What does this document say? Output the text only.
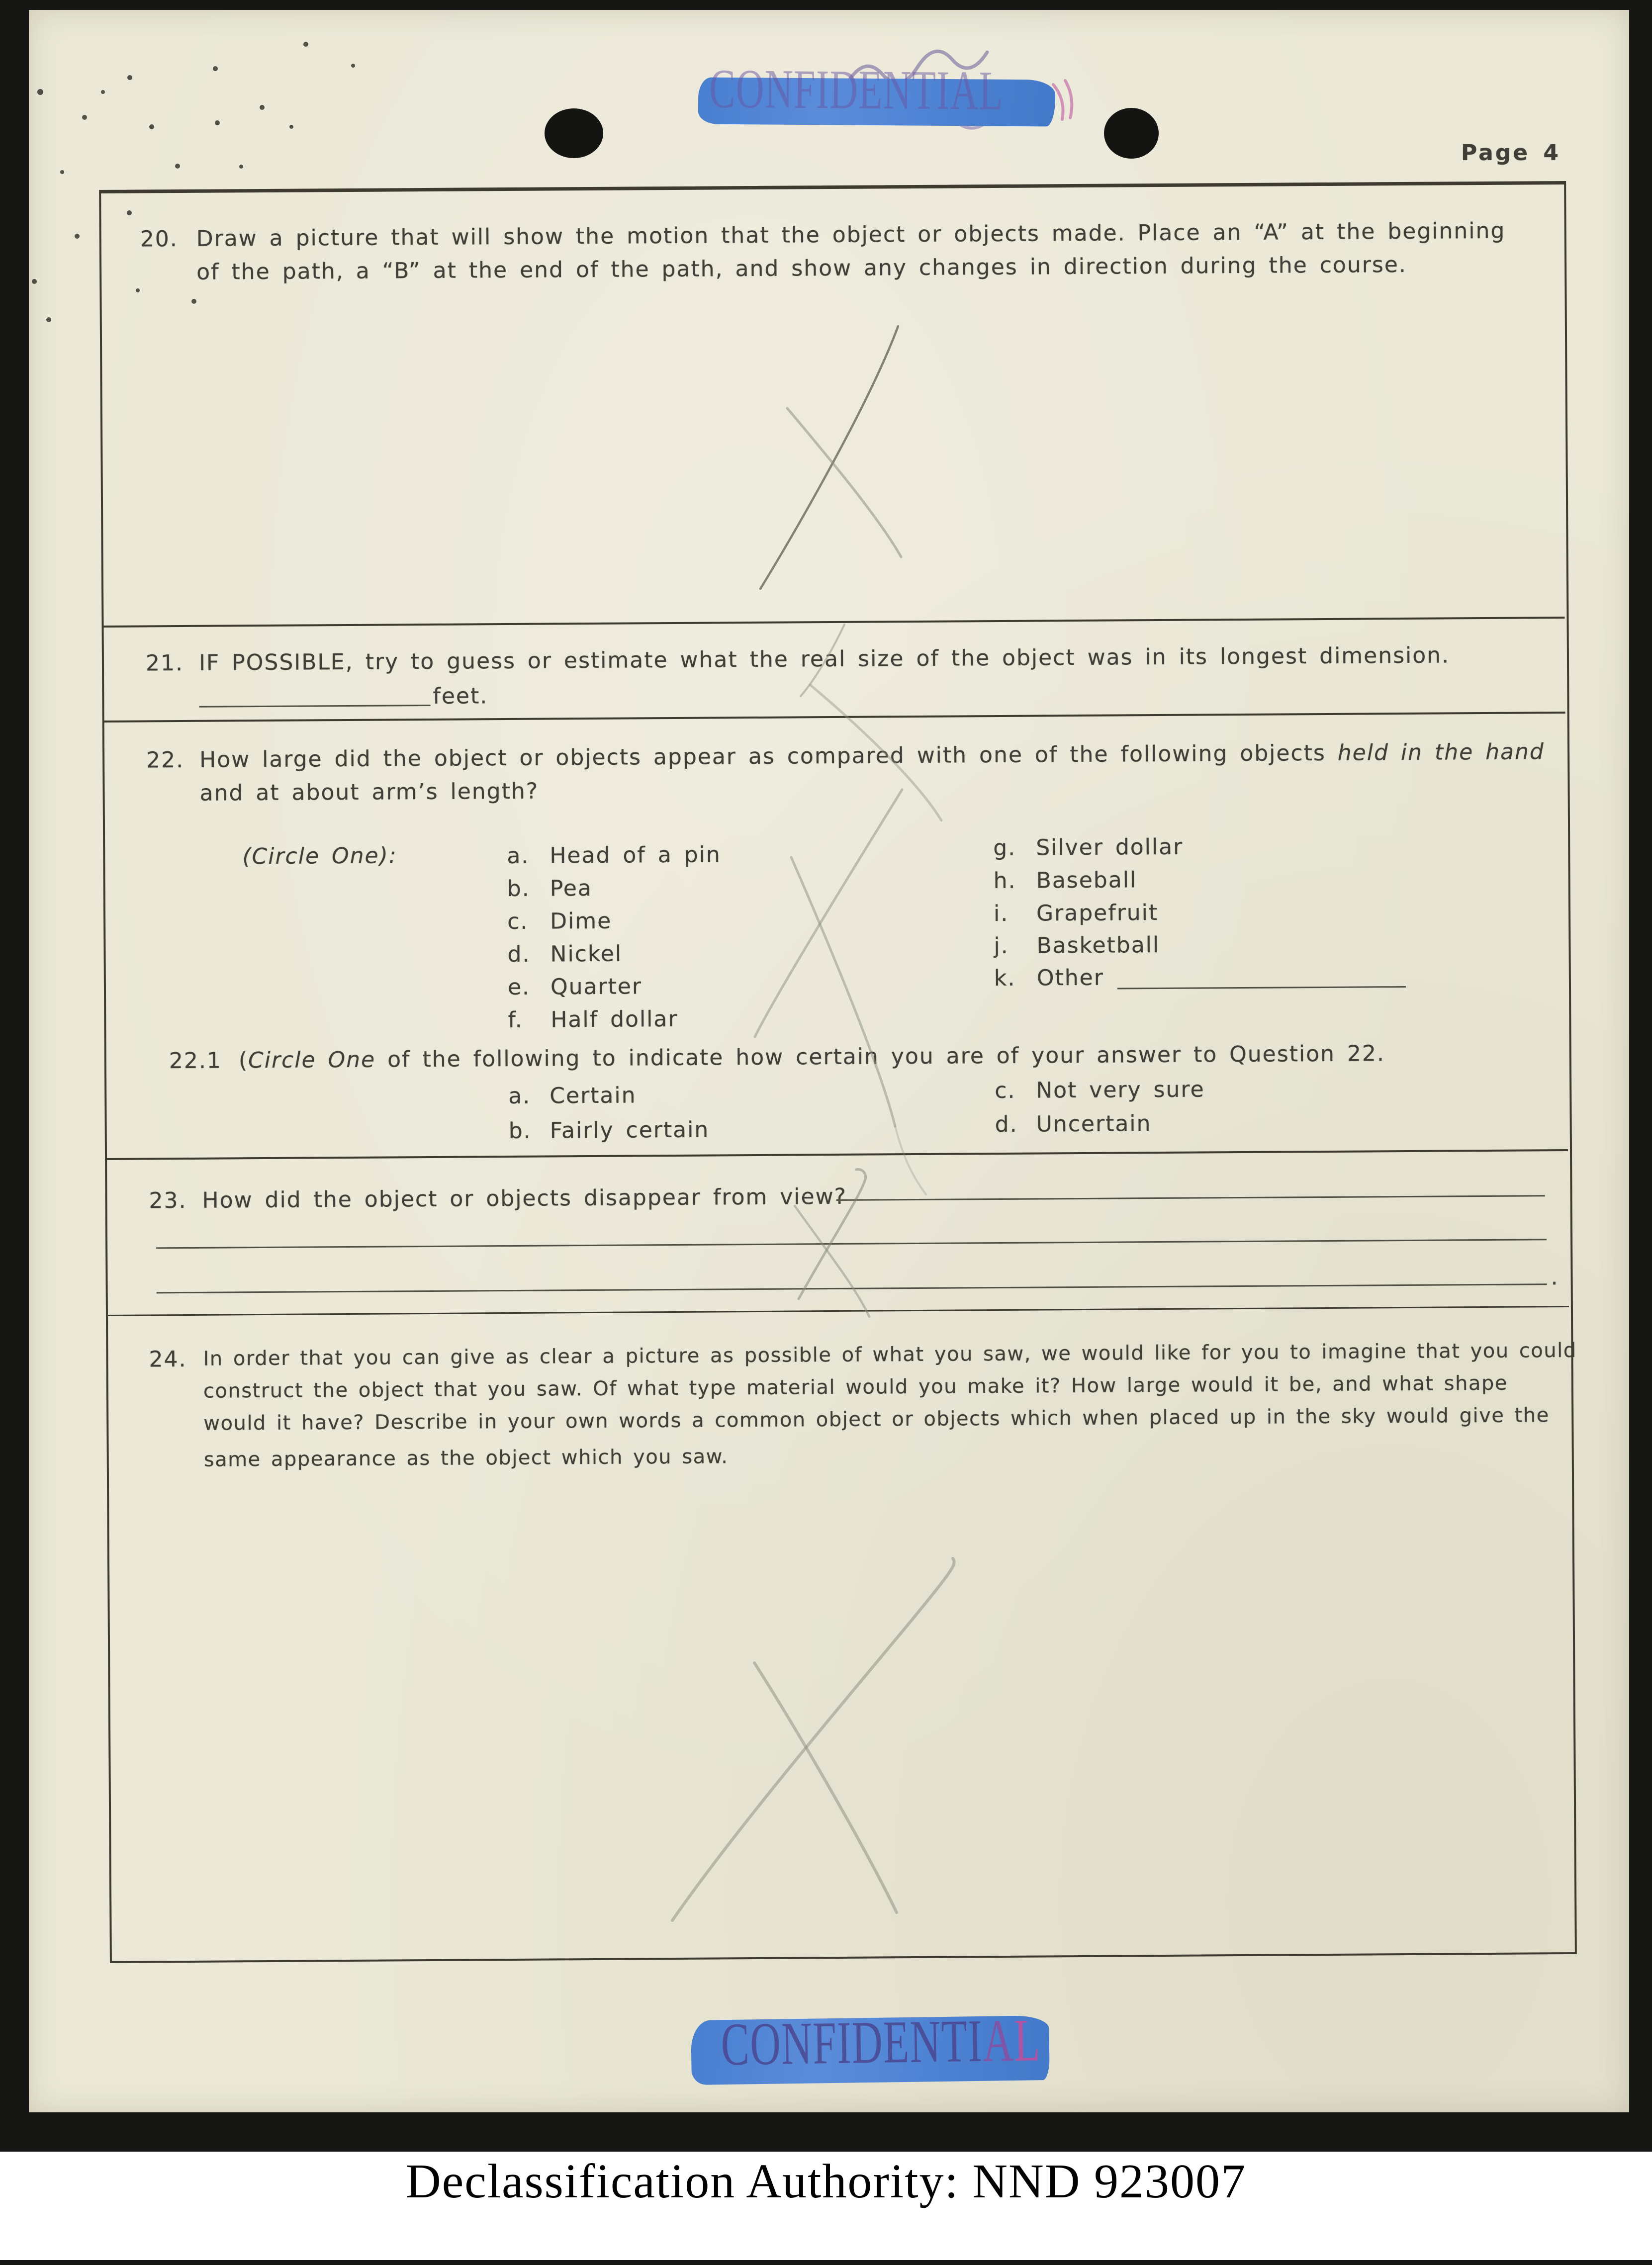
Page 4
20. Draw a picture that will show the motion that the object or objects made. Place an “A” at the beginning
of the path, a “B” at the end of the path, and show any changes in direction during the course.
21. IF POSSIBLE, try to guess or estimate what the real size of the object was in its longest dimension.
feet.
22. How large did the object or objects appear as compared with one of the following objects held in the hand
and at about arm’s length?
(Circle One):	a. Head of a pin
b. Pea
c. Dime
d. Nickel
e. Quarter
f. Half dollar
g. Silver dollar
h. Baseball
i. Grapefruit
j. Basketball
k. Other
22.1 (Circle One of the following to indicate how certain you are of your answer to Question 22.
a. Certain
b. Fairly certain
c. Not very sure
d. Uncertain
23. How did the object or objects disappear from view?
.
24. In order that you can give as clear a picture as possible of what you saw, we would like for you to imagine that you could
construct the object that you saw. Of what type material would you make it? How large would it be, and what shape
would it have? Describe in your own words a common object or objects which when placed up in the sky would give the
same appearance as the object which you saw.
CONFIDENTIAL
CONFIDENTIAL
Declassification Authority: NND 923007
